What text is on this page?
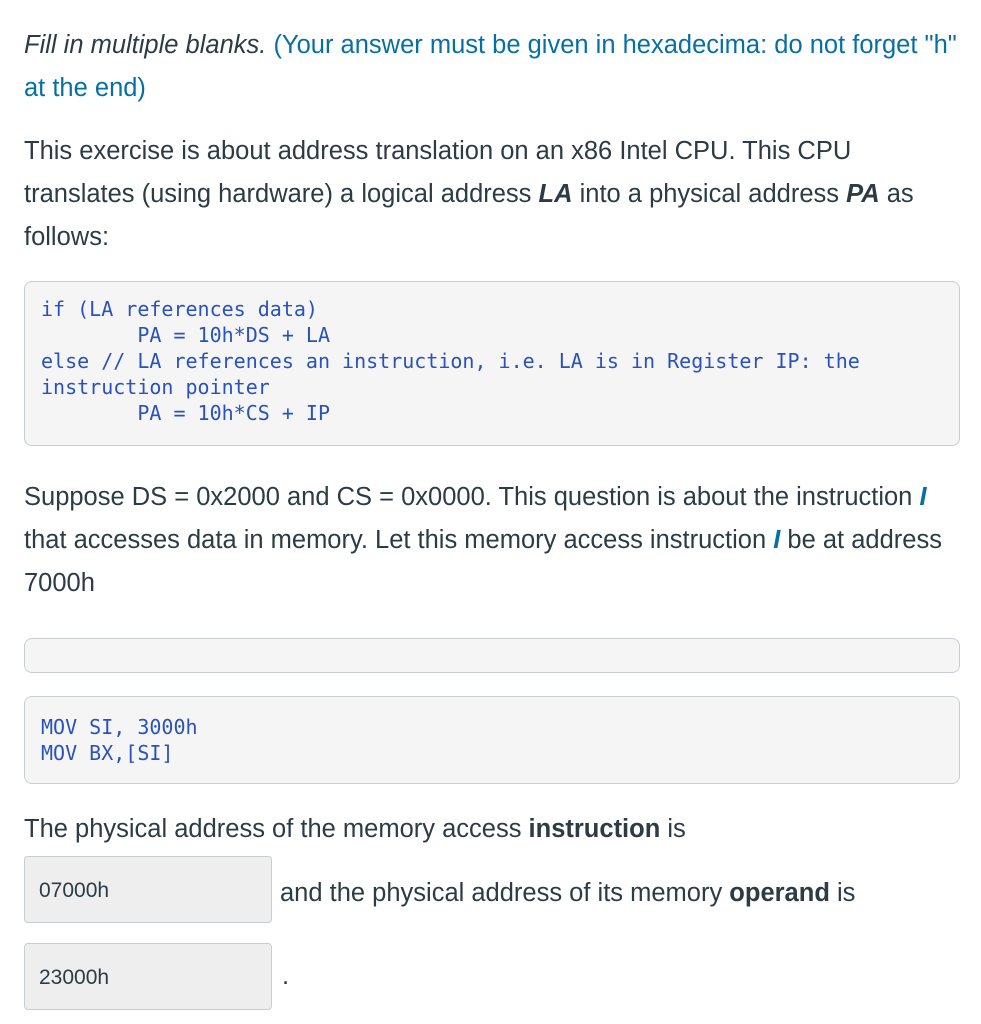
Fill in multiple blanks. (Your answer must be given in hexadecima: do not forget "h" at the end)

This exercise is about address translation on an x86 Intel CPU. This CPU translates (using hardware) a logical address LA into a physical address PA as follows:

if (LA references data)
PA = 10h*DS + LA
else // LA references an instruction, i.e. LA is in Register IP: the
instruction pointer
PA = 10h*CS + IP

Suppose DS = 0x2000 and CS = 0x0000. This question is about the instruction I that accesses data in memory. Let this memory access instruction I be at address 7000h

MOV SI, 3000h
MOV BX,[SI]

The physical address of the memory access instruction is

07000h	and the physical address of its memory operand is
23000h	.
